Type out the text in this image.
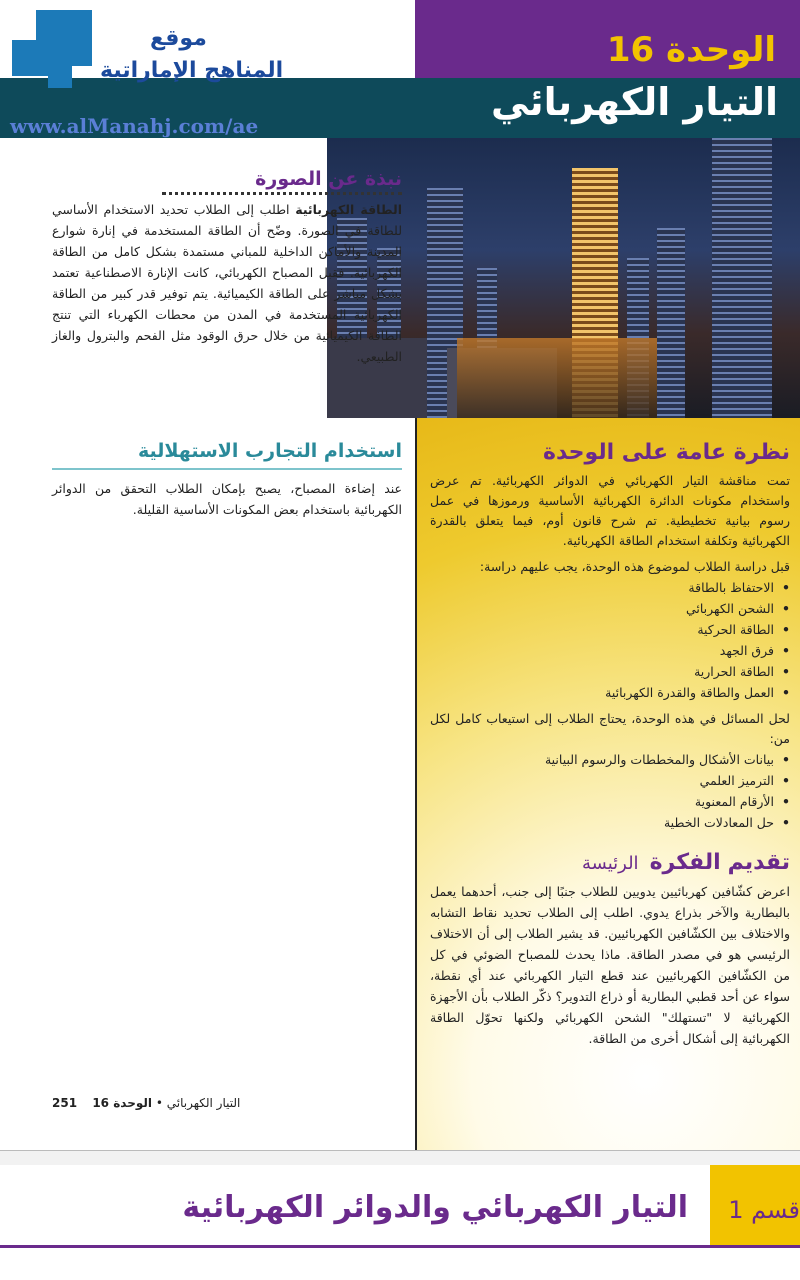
الوحدة 16
التيار الكهربائي
موقع
المناهج الإماراتية
www.alManahj.com/ae
نبذة عن الصورة

الطاقة الكهربائية اطلب إلى الطلاب تحديد الاستخدام الأساسي للطاقة في الصورة. وضّح أن الطاقة المستخدمة في إنارة شوارع المدينة والأماكن الداخلية للمباني مستمدة بشكل كامل من الطاقة الكهربائية. فقبل المصباح الكهربائي، كانت الإنارة الاصطناعية تعتمد بشكل مباشر على الطاقة الكيميائية. يتم توفير قدر كبير من الطاقة الكهربائية المستخدمة في المدن من محطات الكهرباء التي تنتج الطاقة الكيميائية من خلال حرق الوقود مثل الفحم والبترول والغاز الطبيعي.

استخدام التجارب الاستهلالية

عند إضاءة المصباح، يصبح بإمكان الطلاب التحقق من الدوائر الكهربائية باستخدام بعض المكونات الأساسية القليلة.

نظرة عامة على الوحدة

تمت مناقشة التيار الكهربائي في الدوائر الكهربائية. تم عرض واستخدام مكونات الدائرة الكهربائية الأساسية ورموزها في عمل رسوم بيانية تخطيطية. تم شرح قانون أوم، فيما يتعلق بالقدرة الكهربائية وتكلفة استخدام الطاقة الكهربائية.

قبل دراسة الطلاب لموضوع هذه الوحدة، يجب عليهم دراسة:

• الاحتفاظ بالطاقة
• الشحن الكهربائي
• الطاقة الحركية
• فرق الجهد
• الطاقة الحرارية
• العمل والطاقة والقدرة الكهربائية

لحل المسائل في هذه الوحدة، يحتاج الطلاب إلى استيعاب كامل لكل من:

• بيانات الأشكال والمخططات والرسوم البيانية
• الترميز العلمي
• الأرقام المعنوية
• حل المعادلات الخطية
تقديم الفكرة الرئيسة

اعرض كشّافين كهربائيين يدويين للطلاب جنبًا إلى جنب، أحدهما يعمل بالبطارية والآخر بذراع يدوي. اطلب إلى الطلاب تحديد نقاط التشابه والاختلاف بين الكشّافين الكهربائيين. قد يشير الطلاب إلى أن الاختلاف الرئيسي هو في مصدر الطاقة. ماذا يحدث للمصباح الضوئي في كل من الكشّافين الكهربائيين عند قطع التيار الكهربائي عند أي نقطة، سواء عن أحد قطبي البطارية أو ذراع التدوير؟ ذكّر الطلاب بأن الأجهزة الكهربائية لا "تستهلك" الشحن الكهربائي ولكنها تحوّل الطاقة الكهربائية إلى أشكال أخرى من الطاقة.

251	التيار الكهربائي • الوحدة 16
قسم 1
التيار الكهربائي والدوائر الكهربائية
